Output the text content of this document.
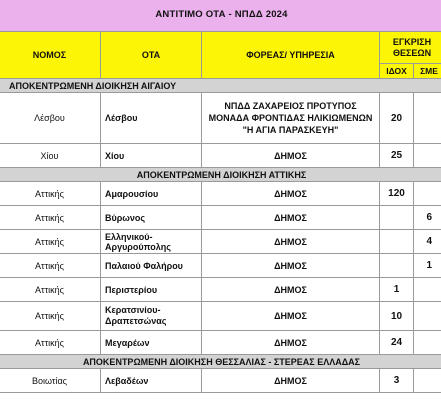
ΑΝΤΙΤΙΜΟ ΟΤΑ - ΝΠΔΔ 2024				
ΝΟΜΟΣ	ΟΤΑ	ΦΟΡΕΑΣ/ ΥΠΗΡΕΣΙΑ	ΕΓΚΡΙΣΗ ΘΕΣΕΩΝ	
			ΙΔΟΧ	ΣΜΕ
ΑΠΟΚΕΝΤΡΩΜΕΝΗ ΔΙΟΙΚΗΣΗ ΑΙΓΑΙΟΥ				
Λέσβου	Λέσβου	ΝΠΔΔ ΖΑΧΑΡΕΙΟΣ ΠΡΟΤΥΠΟΣ ΜΟΝΑΔΑ ΦΡΟΝΤΙΔΑΣ ΗΛΙΚΙΩΜΕΝΩΝ "Η ΑΓΙΑ ΠΑΡΑΣΚΕΥΗ"	20	
Χίου	Χίου	ΔΗΜΟΣ	25	
ΑΠΟΚΕΝΤΡΩΜΕΝΗ ΔΙΟΙΚΗΣΗ ΑΤΤΙΚΗΣ				
Αττικής	Αμαρουσίου	ΔΗΜΟΣ	120	
Αττικής	Βύρωνος	ΔΗΜΟΣ		6
Αττικής	Ελληνικού-Αργυρούπολης	ΔΗΜΟΣ		4
Αττικής	Παλαιού Φαλήρου	ΔΗΜΟΣ		1
Αττικής	Περιστερίου	ΔΗΜΟΣ	1	
Αττικής	Κερατσινίου-Δραπετσώνας	ΔΗΜΟΣ	10	
Αττικής	Μεγαρέων	ΔΗΜΟΣ	24	
ΑΠΟΚΕΝΤΡΩΜΕΝΗ ΔΙΟΙΚΗΣΗ ΘΕΣΣΑΛΙΑΣ - ΣΤΕΡΕΑΣ ΕΛΛΑΔΑΣ				
Βοιωτίας	Λεβαδέων	ΔΗΜΟΣ	3	
